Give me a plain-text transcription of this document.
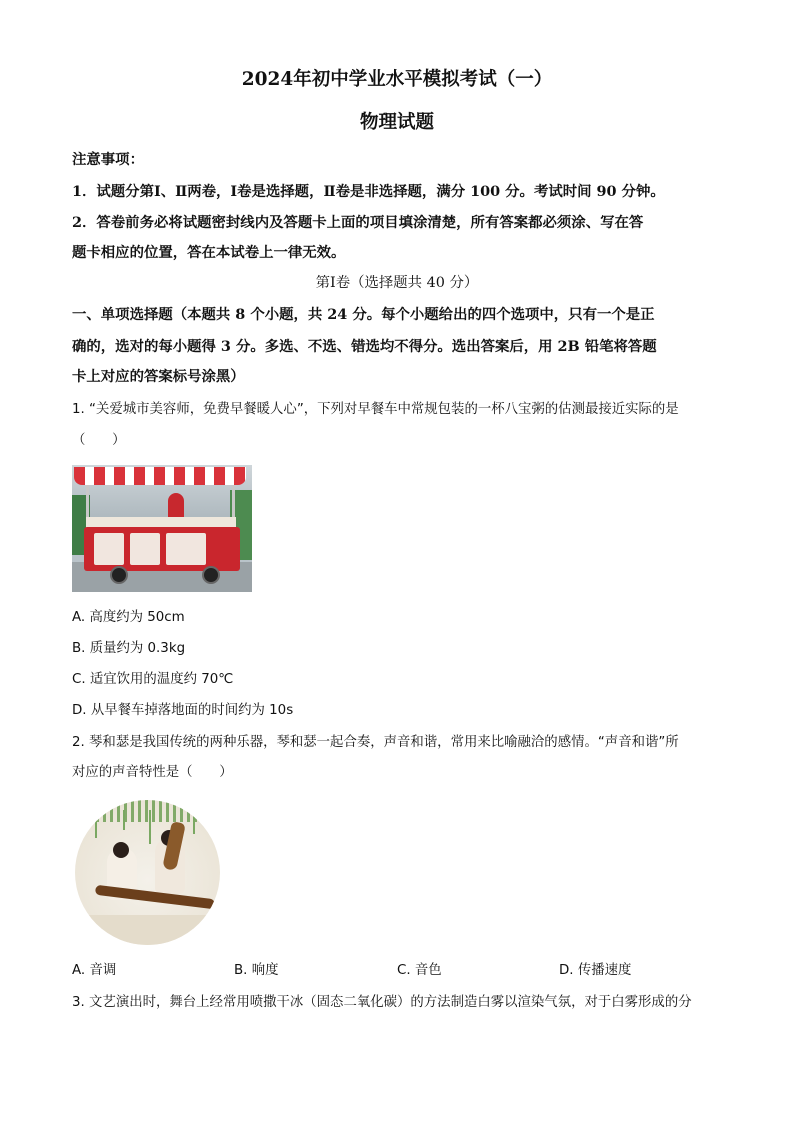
2024年初中学业水平模拟考试（一）
物理试题
注意事项：
1．试题分第Ⅰ、Ⅱ两卷，Ⅰ卷是选择题，Ⅱ卷是非选择题，满分 100 分。考试时间 90 分钟。
2．答卷前务必将试题密封线内及答题卡上面的项目填涂清楚，所有答案都必须涂、写在答
题卡相应的位置，答在本试卷上一律无效。
第Ⅰ卷（选择题共 40 分）
一、单项选择题（本题共 8 个小题，共 24 分。每个小题给出的四个选项中，只有一个是正
确的，选对的每小题得 3 分。多选、不选、错选均不得分。选出答案后，用 2B 铅笔将答题
卡上对应的答案标号涂黑）
1. “关爱城市美容师，免费早餐暖人心”，下列对早餐车中常规包装的一杯八宝粥的估测最接近实际的是
（　　）
A. 高度约为 50cm
B. 质量约为 0.3kg
C. 适宜饮用的温度约 70℃
D. 从早餐车掉落地面的时间约为 10s
2. 琴和瑟是我国传统的两种乐器，琴和瑟一起合奏，声音和谐，常用来比喻融洽的感情。“声音和谐”所
对应的声音特性是（　　）
A. 音调	B. 响度	C. 音色	D. 传播速度
3. 文艺演出时，舞台上经常用喷撒干冰（固态二氧化碳）的方法制造白雾以渲染气氛，对于白雾形成的分
